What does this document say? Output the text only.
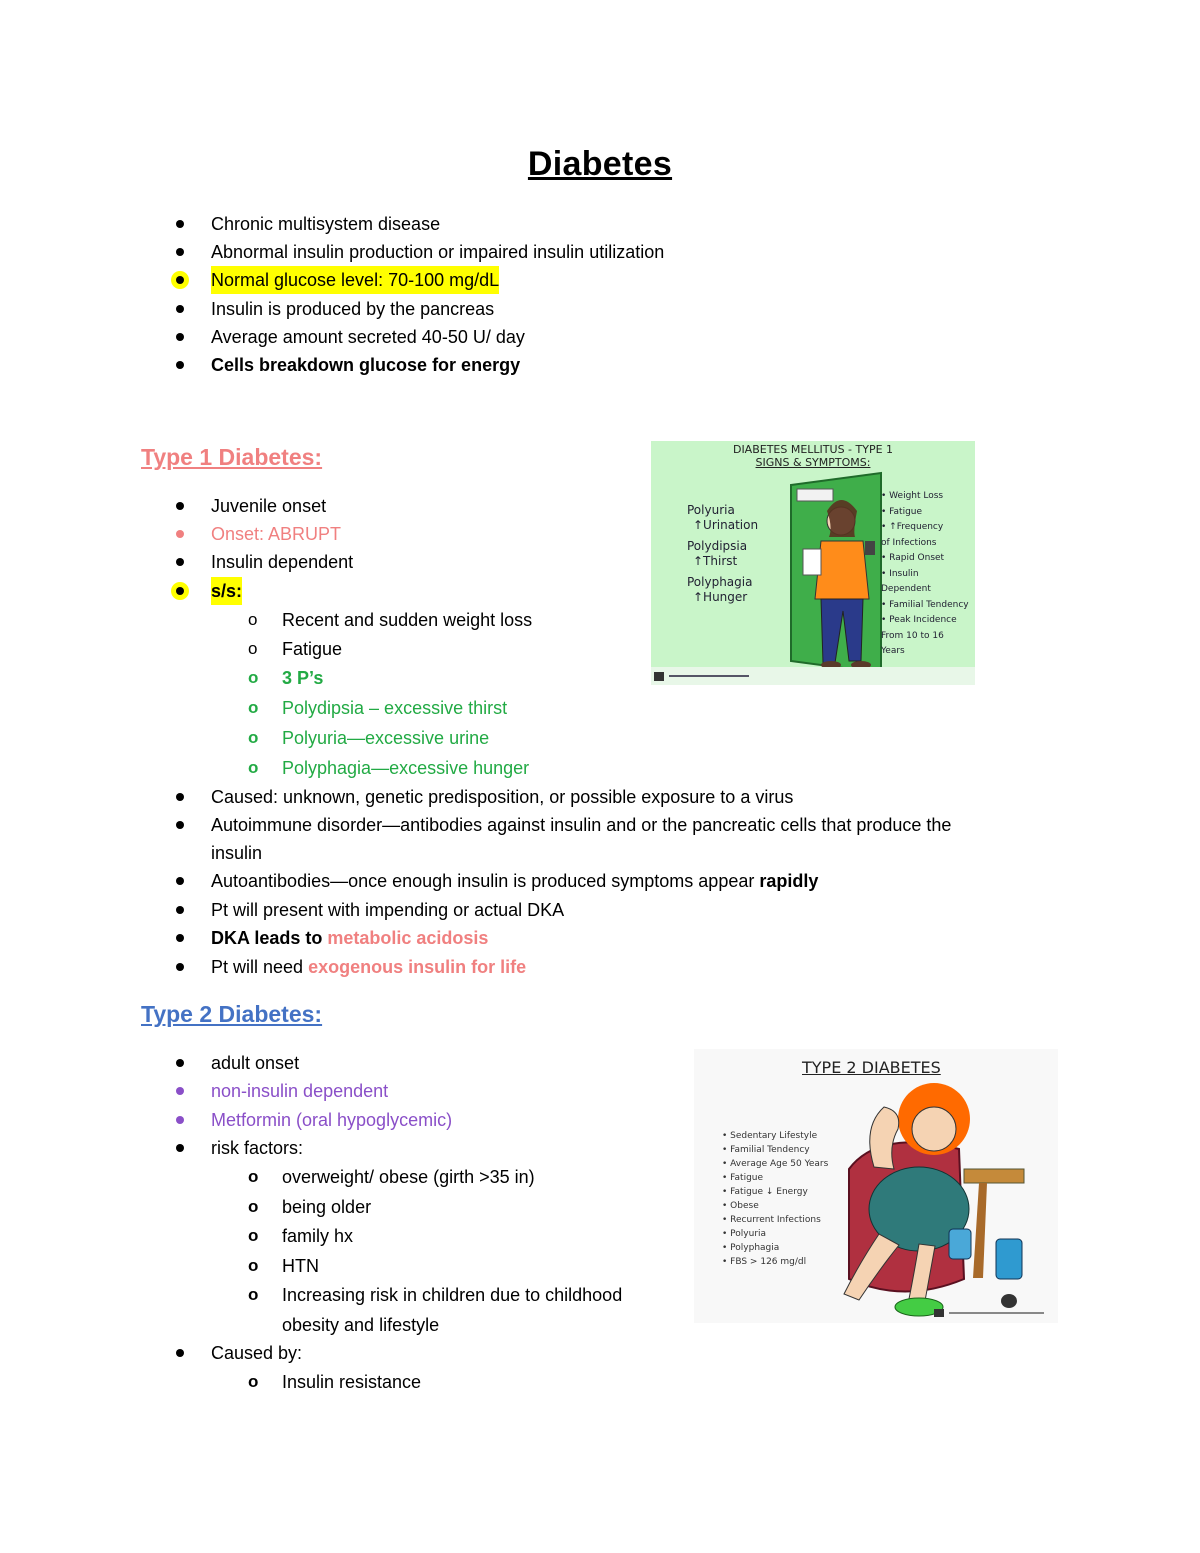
Diabetes
Chronic multisystem disease
Abnormal insulin production or impaired insulin utilization
Normal glucose level: 70-100 mg/dL
Insulin is produced by the pancreas
Average amount secreted 40-50 U/ day
Cells breakdown glucose for energy
Type 1 Diabetes:
Juvenile onset
Onset: ABRUPT
Insulin dependent
s/s:
o Recent and sudden weight loss
o Fatigue
o 3 P’s
o Polydipsia – excessive thirst
o Polyuria—excessive urine
o Polyphagia—excessive hunger
Caused: unknown, genetic predisposition, or possible exposure to a virus
Autoimmune disorder—antibodies against insulin and or the pancreatic cells that produce the
insulin
Autoantibodies—once enough insulin is produced symptoms appear rapidly
Pt will present with impending or actual DKA
DKA leads to metabolic acidosis
Pt will need exogenous insulin for life
Type 2 Diabetes:
adult onset
non-insulin dependent
Metformin (oral hypoglycemic)
risk factors:
o overweight/ obese (girth >35 in)
o being older
o family hx
o HTN
o Increasing risk in children due to childhood
obesity and lifestyle
Caused by:
o Insulin resistance
DIABETES MELLITUS - TYPE 1
SIGNS & SYMPTOMS:
Polyuria
↑Urination
Polydipsia
↑Thirst
Polyphagia
↑Hunger
• Weight Loss
• Fatigue
• ↑Frequency
of Infections
• Rapid Onset
• Insulin
Dependent
• Familial Tendency
• Peak Incidence
From 10 to 16
Years
TYPE 2 DIABETES
• Sedentary Lifestyle
• Familial Tendency
• Average Age 50 Years
• Fatigue
• Fatigue ↓ Energy
• Obese
• Recurrent Infections
• Polyuria
• Polyphagia
• FBS > 126 mg/dl
